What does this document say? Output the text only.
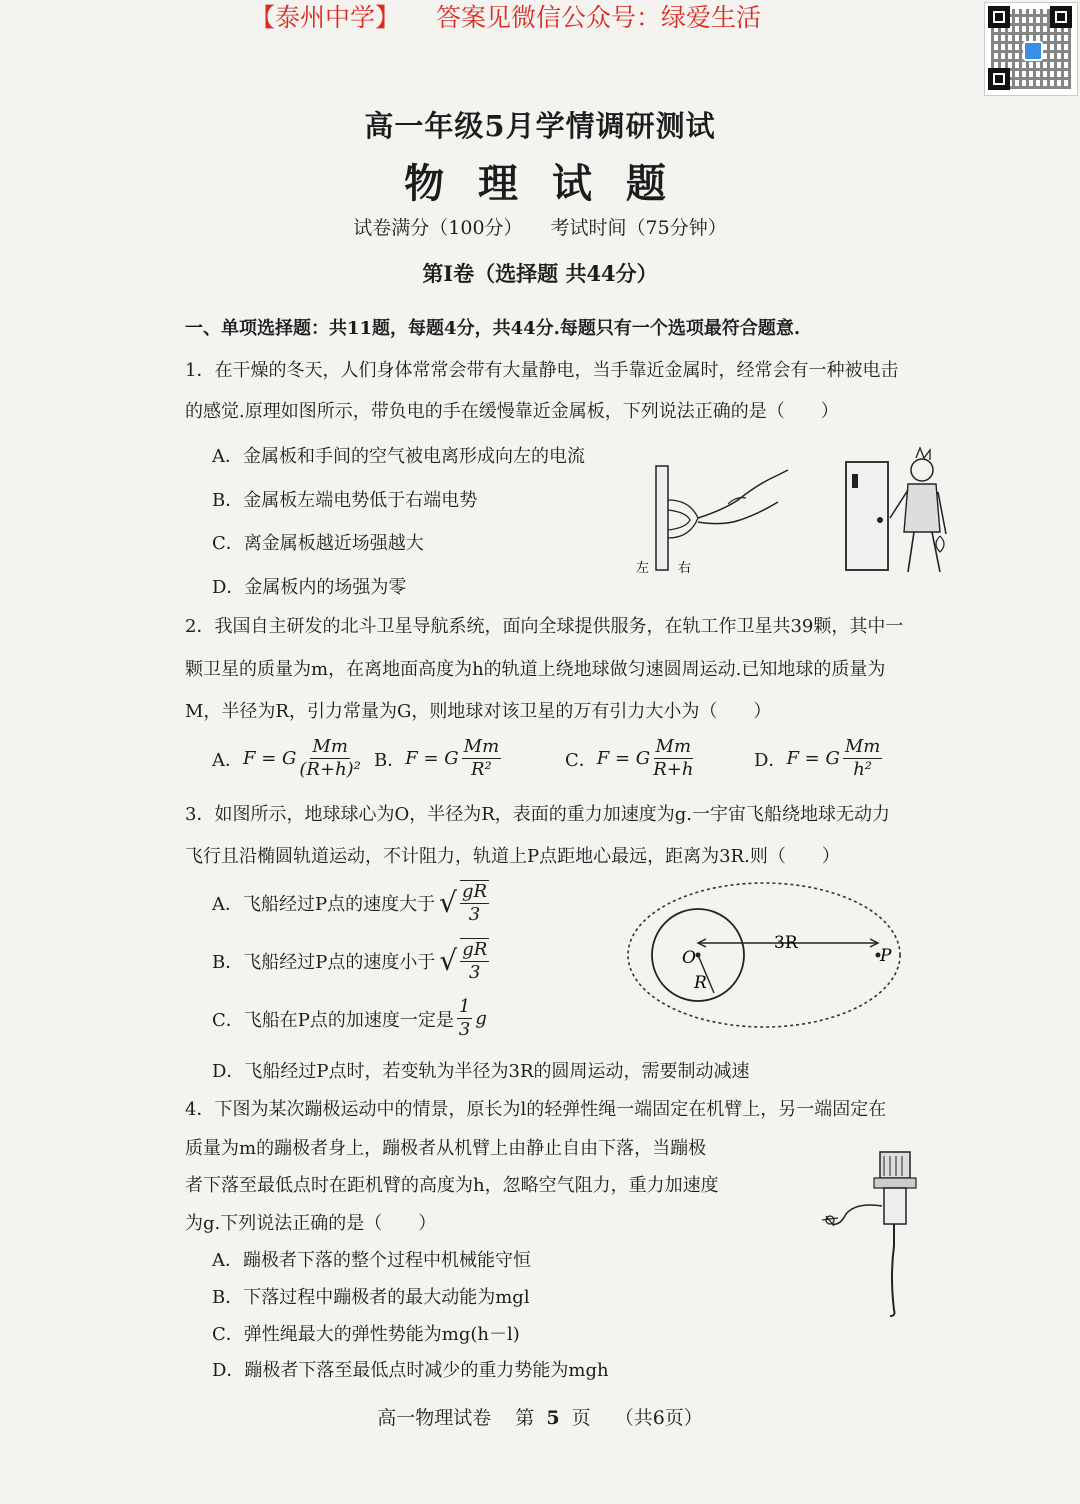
【泰州中学】 答案见微信公众号：绿爱生活
高一年级5月学情调研测试
物 理 试 题
试卷满分（100分） 考试时间（75分钟）
第Ⅰ卷（选择题 共44分）
一、单项选择题：共11题，每题4分，共44分.每题只有一个选项最符合题意.
1．在干燥的冬天，人们身体常常会带有大量静电，当手靠近金属时，经常会有一种被电击
的感觉.原理如图所示，带负电的手在缓慢靠近金属板，下列说法正确的是（　　）
A．金属板和手间的空气被电离形成向左的电流
B．金属板左端电势低于右端电势
C．离金属板越近场强越大
D．金属板内的场强为零
左 右
2．我国自主研发的北斗卫星导航系统，面向全球提供服务，在轨工作卫星共39颗，其中一
颗卫星的质量为m，在离地面高度为h的轨道上绕地球做匀速圆周运动.已知地球的质量为
M，半径为R，引力常量为G，则地球对该卫星的万有引力大小为（　　）
A． F = G $\frac{Mm}{\text{(R+h)²}}$ B． F = G $\frac{Mm}{\text{R²}}$	C． F = G $\frac{Mm}{R+h}$	D． F = G $\frac{Mm}{\text{h²}}$
3．如图所示，地球球心为O，半径为R，表面的重力加速度为g.一宇宙飞船绕地球无动力
飞行且沿椭圆轨道运动，不计阻力，轨道上P点距地心最远，距离为3R.则（　　）
A．飞船经过P点的速度大于 √ $\frac{gR}{3}$
B．飞船经过P点的速度小于 √ $\frac{gR}{3}$
C．飞船在P点的加速度一定是 $\frac{1}{3}$ g
D．飞船经过P点时，若变轨为半径为3R的圆周运动，需要制动减速
O
R
3R
P
4．下图为某次蹦极运动中的情景，原长为l的轻弹性绳一端固定在机臂上，另一端固定在
质量为m的蹦极者身上，蹦极者从机臂上由静止自由下落，当蹦极
者下落至最低点时在距机臂的高度为h，忽略空气阻力，重力加速度
为g.下列说法正确的是（　　）
A．蹦极者下落的整个过程中机械能守恒
B．下落过程中蹦极者的最大动能为mgl
C．弹性绳最大的弹性势能为mg(h－l)
D．蹦极者下落至最低点时减少的重力势能为mgh
高一物理试卷 第 5 页 （共6页）
